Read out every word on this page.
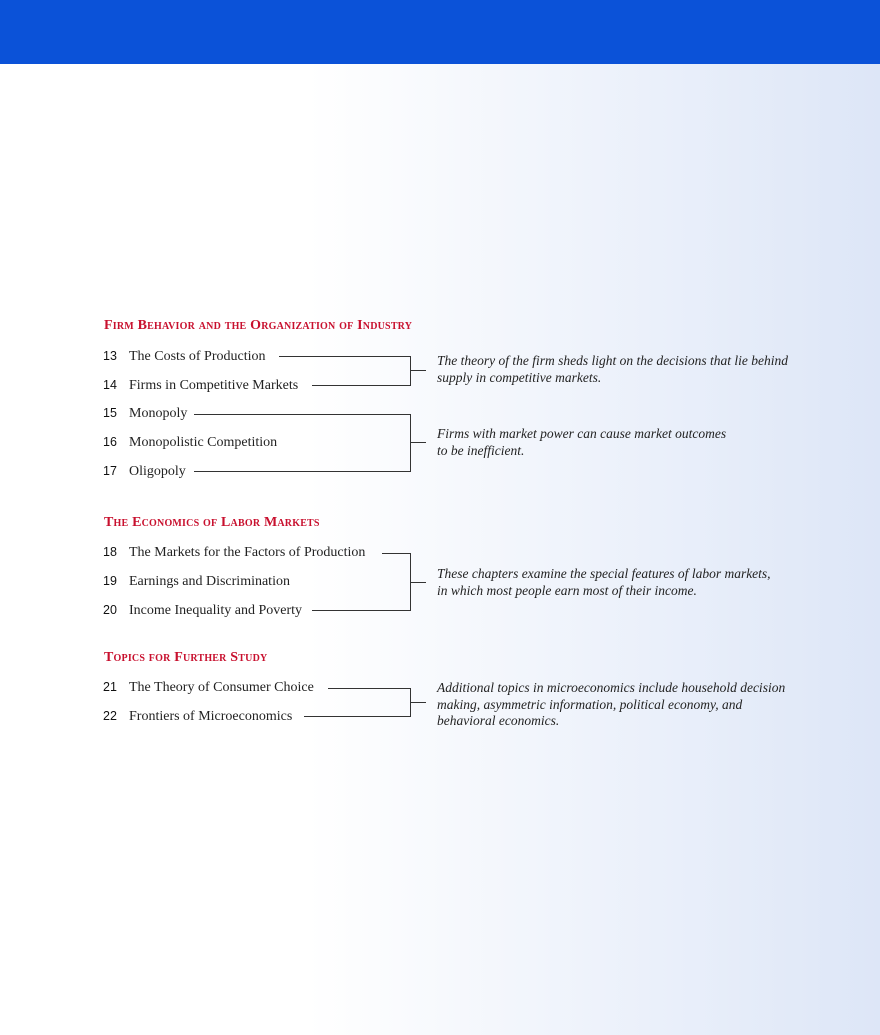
Firm Behavior and the Organization of Industry
13 The Costs of Production
14 Firms in Competitive Markets
15 Monopoly
16 Monopolistic Competition
17 Oligopoly

The theory of the firm sheds light on the decisions that lie behind supply in competitive markets.

Firms with market power can cause market outcomes to be inefficient.

The Economics of Labor Markets
18 The Markets for the Factors of Production
19 Earnings and Discrimination
20 Income Inequality and Poverty

These chapters examine the special features of labor markets, in which most people earn most of their income.

Topics for Further Study
21 The Theory of Consumer Choice
22 Frontiers of Microeconomics

Additional topics in microeconomics include household decision making, asymmetric information, political economy, and behavioral economics.
